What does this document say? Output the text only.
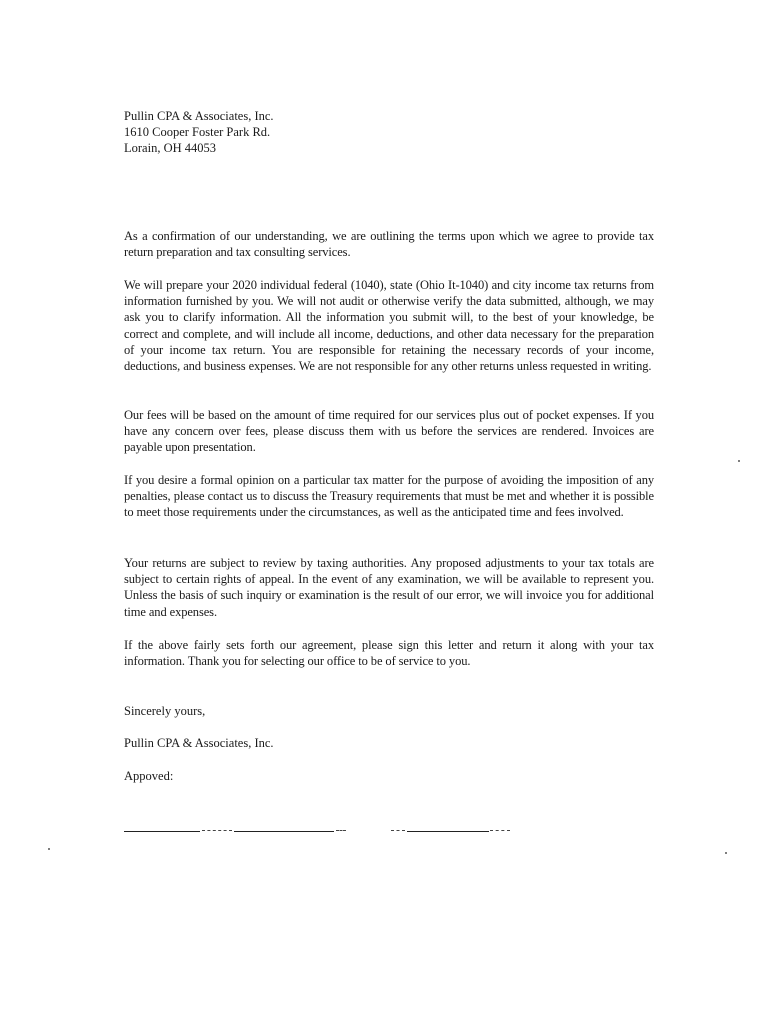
Pullin CPA & Associates, Inc.
1610 Cooper Foster Park Rd.
Lorain, OH 44053

As a confirmation of our understanding, we are outlining the terms upon which we agree to provide tax return preparation and tax consulting services.

We will prepare your 2020 individual federal (1040), state (Ohio It-1040) and city income tax returns from information furnished by you. We will not audit or otherwise verify the data submitted, although, we may ask you to clarify information. All the information you submit will, to the best of your knowledge, be correct and complete, and will include all income, deductions, and other data necessary for the preparation of your income tax return. You are responsible for retaining the necessary records of your income, deductions, and business expenses. We are not responsible for any other returns unless requested in writing.

Our fees will be based on the amount of time required for our services plus out of pocket expenses. If you have any concern over fees, please discuss them with us before the services are rendered. Invoices are payable upon presentation.

If you desire a formal opinion on a particular tax matter for the purpose of avoiding the imposition of any penalties, please contact us to discuss the Treasury requirements that must be met and whether it is possible to meet those requirements under the circumstances, as well as the anticipated time and fees involved.

Your returns are subject to review by taxing authorities. Any proposed adjustments to your tax totals are subject to certain rights of appeal. In the event of any examination, we will be available to represent you. Unless the basis of such inquiry or examination is the result of our error, we will invoice you for additional time and expenses.

If the above fairly sets forth our agreement, please sign this letter and return it along with your tax information. Thank you for selecting our office to be of service to you.

Sincerely yours,
Pullin CPA & Associates, Inc.
Appoved:
